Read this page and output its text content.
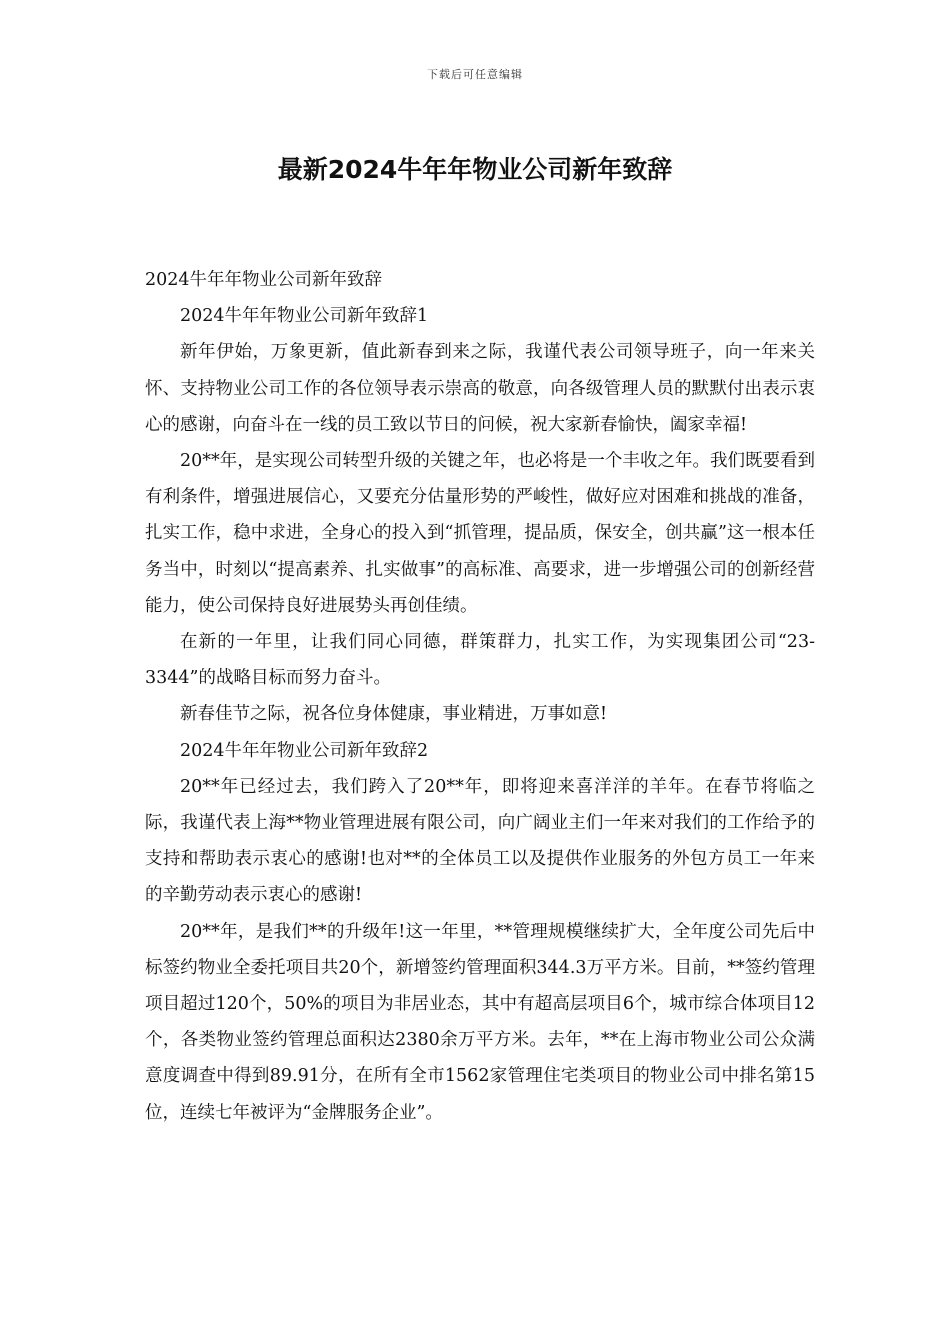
下载后可任意编辑
最新2024牛年年物业公司新年致辞

2024牛年年物业公司新年致辞

2024牛年年物业公司新年致辞1

新年伊始，万象更新，值此新春到来之际，我谨代表公司领导班子，向一年来关怀、支持物业公司工作的各位领导表示崇高的敬意，向各级管理人员的默默付出表示衷心的感谢，向奋斗在一线的员工致以节日的问候，祝大家新春愉快，阖家幸福!

20**年，是实现公司转型升级的关键之年，也必将是一个丰收之年。我们既要看到有利条件，增强进展信心，又要充分估量形势的严峻性，做好应对困难和挑战的准备，扎实工作，稳中求进，全身心的投入到“抓管理，提品质，保安全，创共赢”这一根本任务当中，时刻以“提高素养、扎实做事”的高标准、高要求，进一步增强公司的创新经营能力，使公司保持良好进展势头再创佳绩。

在新的一年里，让我们同心同德，群策群力，扎实工作，为实现集团公司“23-3344”的战略目标而努力奋斗。

新春佳节之际，祝各位身体健康，事业精进，万事如意!

2024牛年年物业公司新年致辞2

20**年已经过去，我们跨入了20**年，即将迎来喜洋洋的羊年。在春节将临之际，我谨代表上海**物业管理进展有限公司，向广阔业主们一年来对我们的工作给予的支持和帮助表示衷心的感谢!也对**的全体员工以及提供作业服务的外包方员工一年来的辛勤劳动表示衷心的感谢!

20**年，是我们**的升级年!这一年里，**管理规模继续扩大，全年度公司先后中标签约物业全委托项目共20个，新增签约管理面积344.3万平方米。目前，**签约管理项目超过120个，50%的项目为非居业态，其中有超高层项目6个，城市综合体项目12 个，各类物业签约管理总面积达2380余万平方米。去年，**在上海市物业公司公众满意度调查中得到89.91分，在所有全市1562家管理住宅类项目的物业公司中排名第15位，连续七年被评为“金牌服务企业”。
